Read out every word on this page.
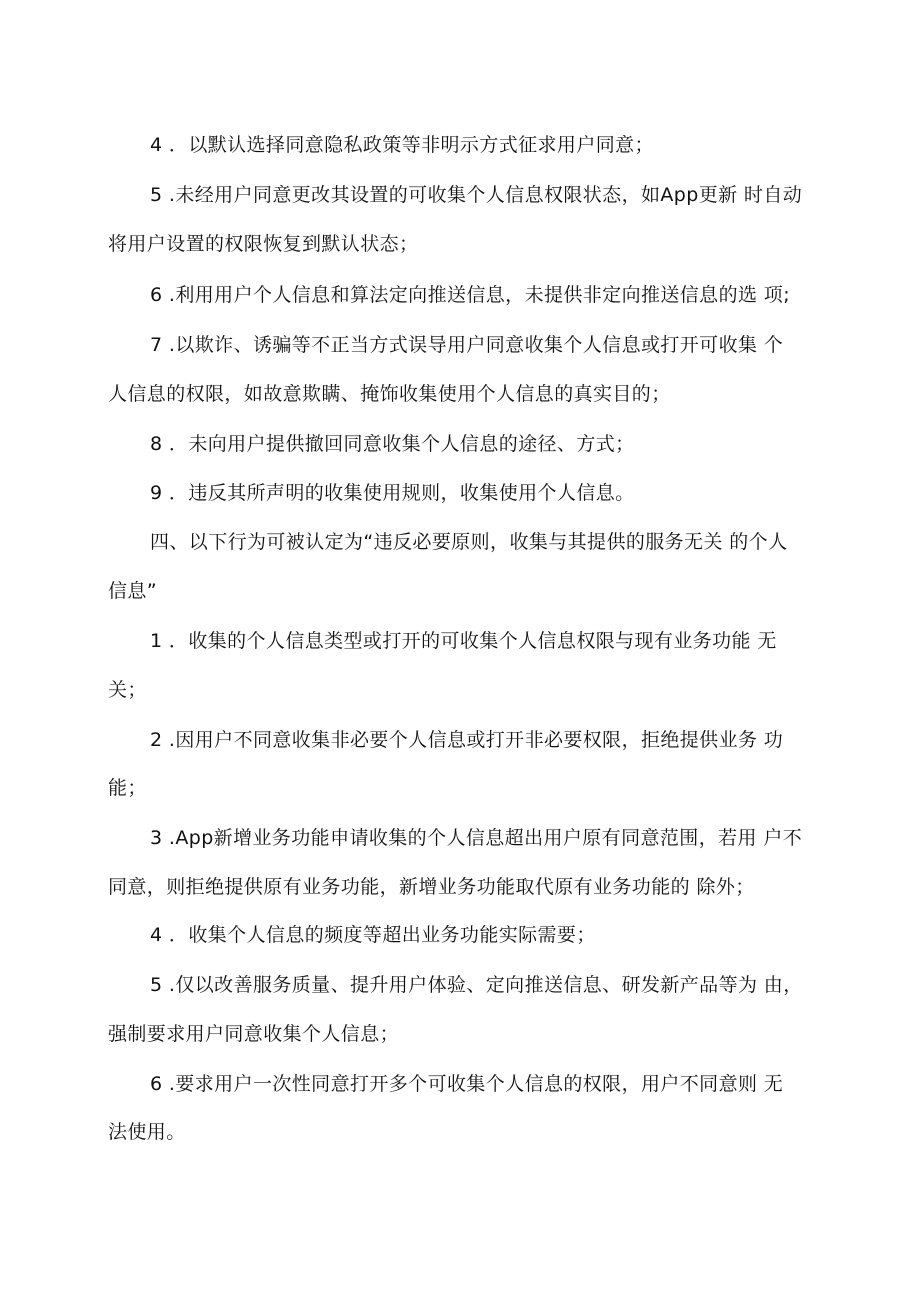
4 ．以默认选择同意隐私政策等非明示方式征求用户同意；
5 .未经用户同意更改其设置的可收集个人信息权限状态，如App更新 时自动
将用户设置的权限恢复到默认状态；
6 .利用用户个人信息和算法定向推送信息，未提供非定向推送信息的选 项;
7 .以欺诈、诱骗等不正当方式误导用户同意收集个人信息或打开可收集 个
人信息的权限，如故意欺瞒、掩饰收集使用个人信息的真实目的；
8 ．未向用户提供撤回同意收集个人信息的途径、方式；
9 ．违反其所声明的收集使用规则，收集使用个人信息。
四、以下行为可被认定为“违反必要原则，收集与其提供的服务无关 的个人
信息”
1 ．收集的个人信息类型或打开的可收集个人信息权限与现有业务功能 无
关；
2 .因用户不同意收集非必要个人信息或打开非必要权限，拒绝提供业务 功
能；
3 .App新增业务功能申请收集的个人信息超出用户原有同意范围，若用 户不
同意，则拒绝提供原有业务功能，新增业务功能取代原有业务功能的 除外；
4 ．收集个人信息的频度等超出业务功能实际需要；
5 .仅以改善服务质量、提升用户体验、定向推送信息、研发新产品等为 由，
强制要求用户同意收集个人信息；
6 .要求用户一次性同意打开多个可收集个人信息的权限，用户不同意则 无
法使用。
